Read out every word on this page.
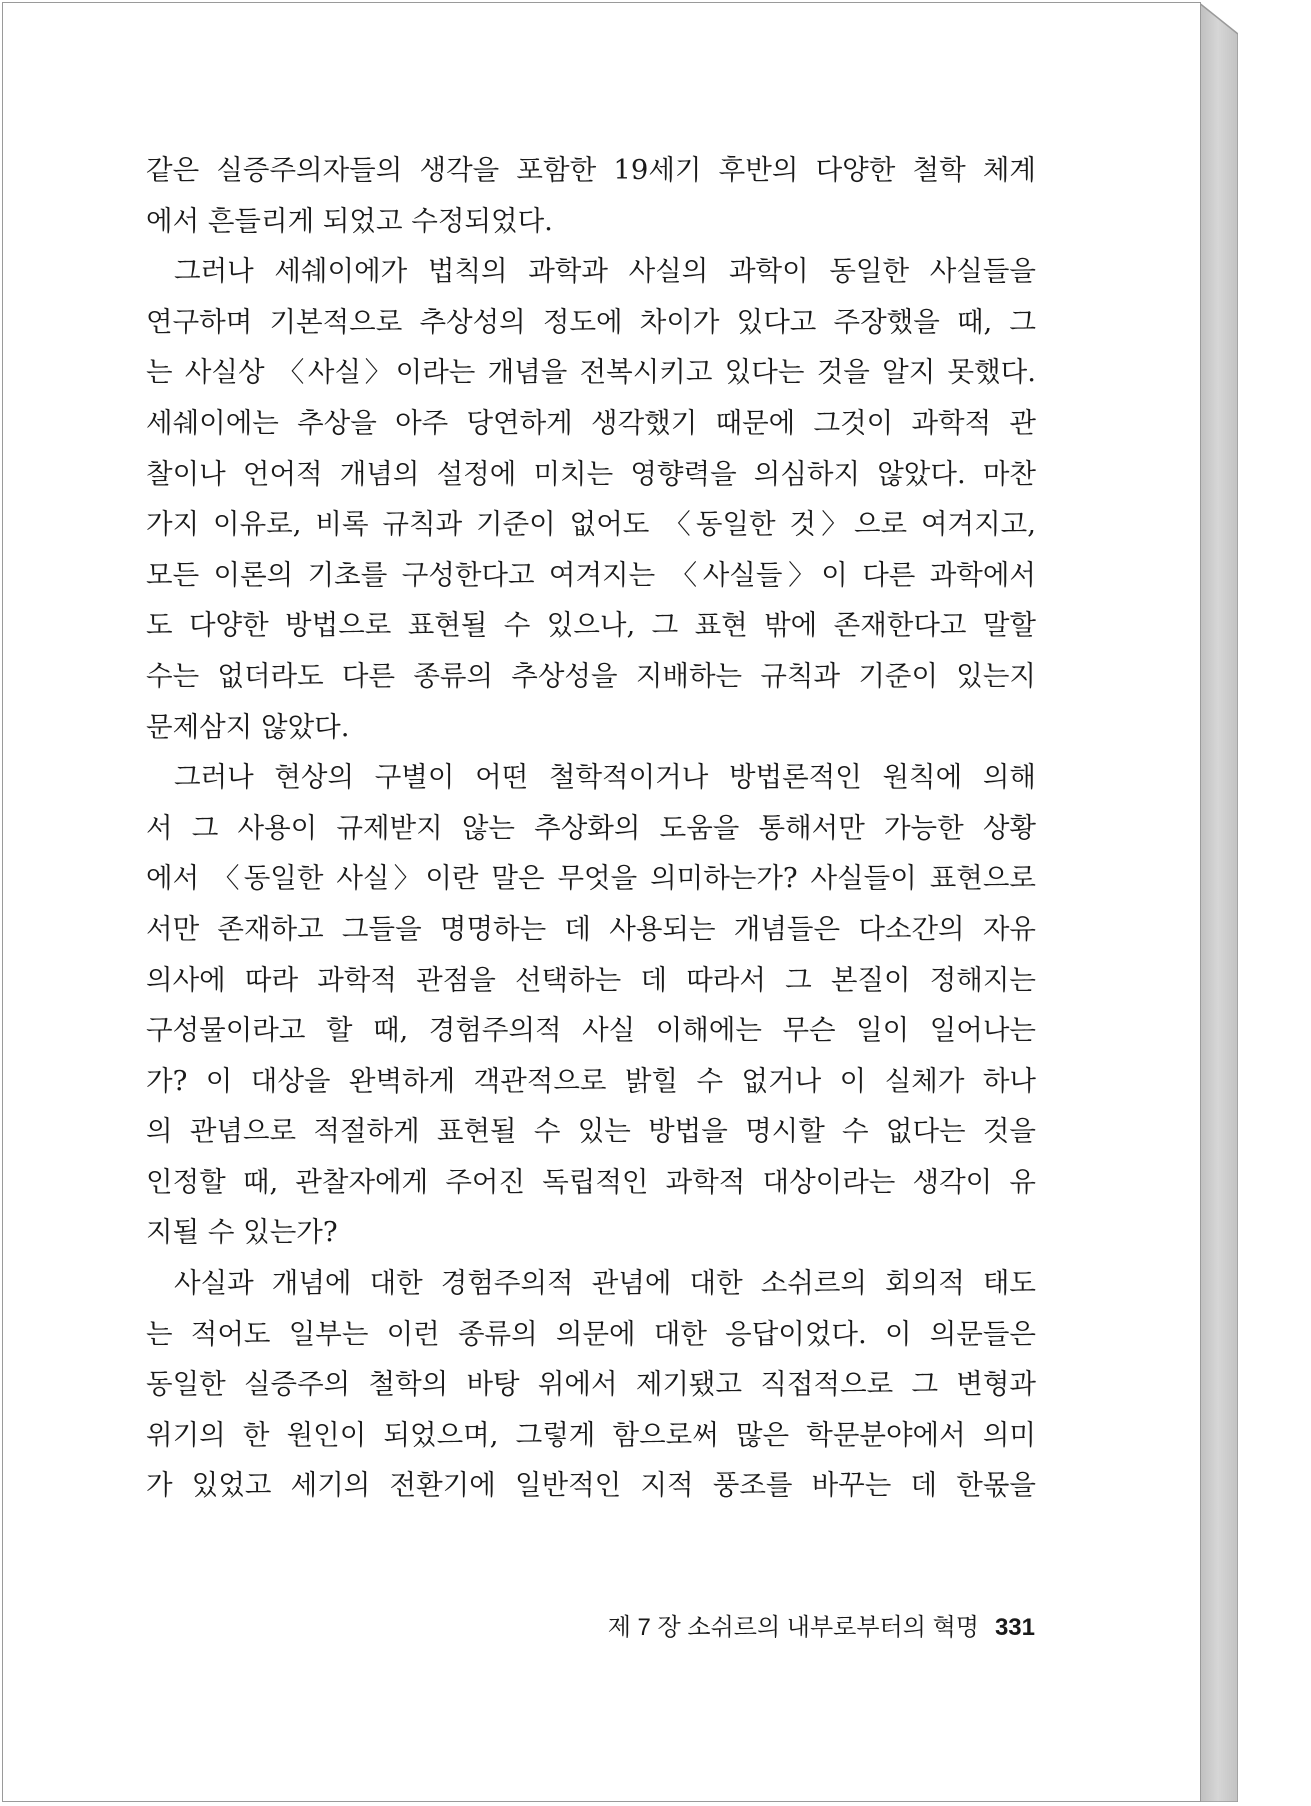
같은 실증주의자들의 생각을 포함한 19세기 후반의 다양한 철학 체계
에서 흔들리게 되었고 수정되었다.

그러나 세쉐이에가 법칙의 과학과 사실의 과학이 동일한 사실들을
연구하며 기본적으로 추상성의 정도에 차이가 있다고 주장했을 때, 그
는 사실상 〈사실〉이라는 개념을 전복시키고 있다는 것을 알지 못했다.
세쉐이에는 추상을 아주 당연하게 생각했기 때문에 그것이 과학적 관
찰이나 언어적 개념의 설정에 미치는 영향력을 의심하지 않았다. 마찬
가지 이유로, 비록 규칙과 기준이 없어도 〈동일한 것〉으로 여겨지고,
모든 이론의 기초를 구성한다고 여겨지는 〈사실들〉이 다른 과학에서
도 다양한 방법으로 표현될 수 있으나, 그 표현 밖에 존재한다고 말할
수는 없더라도 다른 종류의 추상성을 지배하는 규칙과 기준이 있는지
문제삼지 않았다.

그러나 현상의 구별이 어떤 철학적이거나 방법론적인 원칙에 의해
서 그 사용이 규제받지 않는 추상화의 도움을 통해서만 가능한 상황
에서 〈동일한 사실〉이란 말은 무엇을 의미하는가? 사실들이 표현으로
서만 존재하고 그들을 명명하는 데 사용되는 개념들은 다소간의 자유
의사에 따라 과학적 관점을 선택하는 데 따라서 그 본질이 정해지는
구성물이라고 할 때, 경험주의적 사실 이해에는 무슨 일이 일어나는
가? 이 대상을 완벽하게 객관적으로 밝힐 수 없거나 이 실체가 하나
의 관념으로 적절하게 표현될 수 있는 방법을 명시할 수 없다는 것을
인정할 때, 관찰자에게 주어진 독립적인 과학적 대상이라는 생각이 유
지될 수 있는가?

사실과 개념에 대한 경험주의적 관념에 대한 소쉬르의 회의적 태도
는 적어도 일부는 이런 종류의 의문에 대한 응답이었다. 이 의문들은
동일한 실증주의 철학의 바탕 위에서 제기됐고 직접적으로 그 변형과
위기의 한 원인이 되었으며, 그렇게 함으로써 많은 학문분야에서 의미
가 있었고 세기의 전환기에 일반적인 지적 풍조를 바꾸는 데 한몫을

제 7 장 소쉬르의 내부로부터의 혁명 331
